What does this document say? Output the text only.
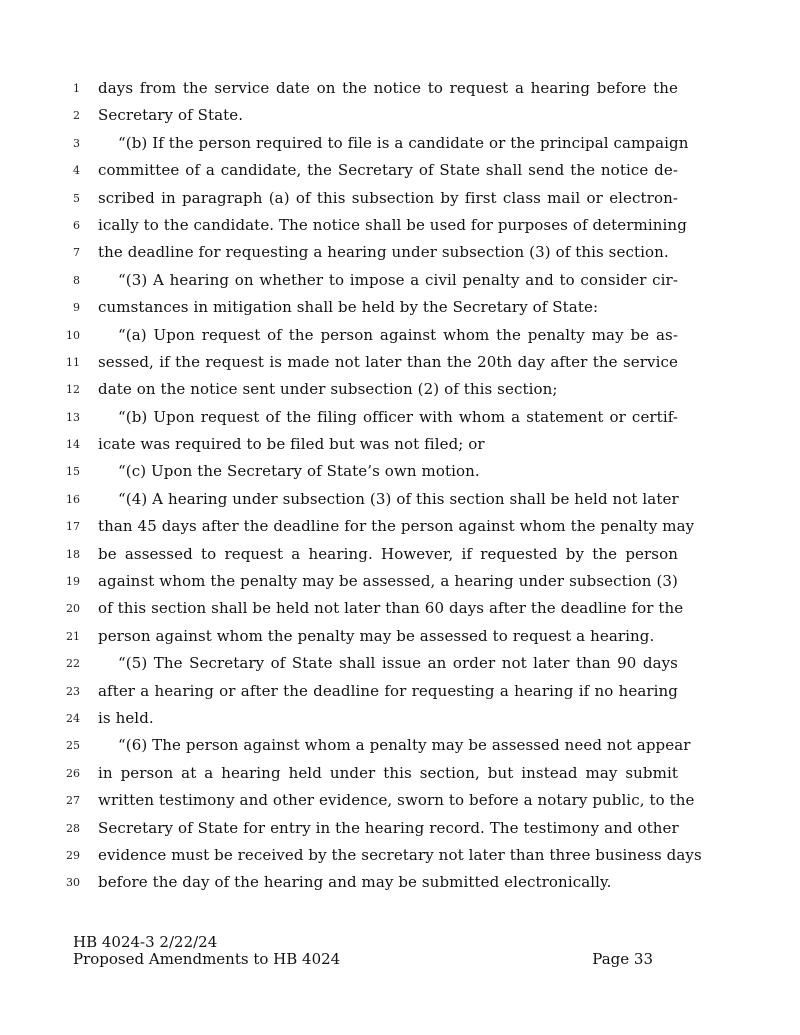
1 days from the service date on the notice to request a hearing before the
2 Secretary of State.
3	“(b) If the person required to file is a candidate or the principal campaign
4 committee of a candidate, the Secretary of State shall send the notice de-
5 scribed in paragraph (a) of this subsection by first class mail or electron-
6 ically to the candidate. The notice shall be used for purposes of determining
7 the deadline for requesting a hearing under subsection (3) of this section.
8	“(3) A hearing on whether to impose a civil penalty and to consider cir-
9 cumstances in mitigation shall be held by the Secretary of State:
10	“(a) Upon request of the person against whom the penalty may be as-
11 sessed, if the request is made not later than the 20th day after the service
12 date on the notice sent under subsection (2) of this section;
13	“(b) Upon request of the filing officer with whom a statement or certif-
14 icate was required to be filed but was not filed; or
15	“(c) Upon the Secretary of State’s own motion.
16	“(4) A hearing under subsection (3) of this section shall be held not later
17 than 45 days after the deadline for the person against whom the penalty may
18 be assessed to request a hearing. However, if requested by the person
19 against whom the penalty may be assessed, a hearing under subsection (3)
20 of this section shall be held not later than 60 days after the deadline for the
21 person against whom the penalty may be assessed to request a hearing.
22	“(5) The Secretary of State shall issue an order not later than 90 days
23 after a hearing or after the deadline for requesting a hearing if no hearing
24 is held.
25	“(6) The person against whom a penalty may be assessed need not appear
26 in person at a hearing held under this section, but instead may submit
27 written testimony and other evidence, sworn to before a notary public, to the
28 Secretary of State for entry in the hearing record. The testimony and other
29 evidence must be received by the secretary not later than three business days
30 before the day of the hearing and may be submitted electronically.
HB 4024-3 2/22/24
Proposed Amendments to HB 4024	Page 33
